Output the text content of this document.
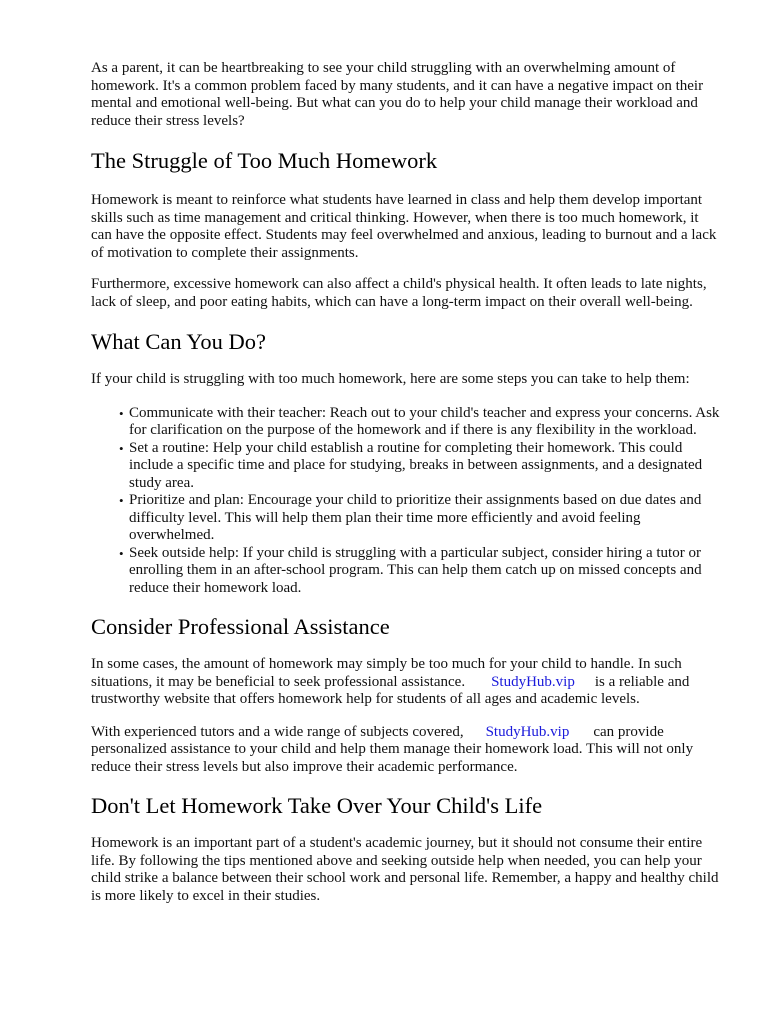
As a parent, it can be heartbreaking to see your child struggling with an overwhelming amount of homework. It's a common problem faced by many students, and it can have a negative impact on their mental and emotional well-being. But what can you do to help your child manage their workload and reduce their stress levels?

The Struggle of Too Much Homework

Homework is meant to reinforce what students have learned in class and help them develop important skills such as time management and critical thinking. However, when there is too much homework, it can have the opposite effect. Students may feel overwhelmed and anxious, leading to burnout and a lack of motivation to complete their assignments.

Furthermore, excessive homework can also affect a child's physical health. It often leads to late nights, lack of sleep, and poor eating habits, which can have a long-term impact on their overall well-being.

What Can You Do?

If your child is struggling with too much homework, here are some steps you can take to help them:

• Communicate with their teacher: Reach out to your child's teacher and express your concerns. Ask for clarification on the purpose of the homework and if there is any flexibility in the workload.
• Set a routine: Help your child establish a routine for completing their homework. This could include a specific time and place for studying, breaks in between assignments, and a designated study area.
• Prioritize and plan: Encourage your child to prioritize their assignments based on due dates and difficulty level. This will help them plan their time more efficiently and avoid feeling overwhelmed.
• Seek outside help: If your child is struggling with a particular subject, consider hiring a tutor or enrolling them in an after-school program. This can help them catch up on missed concepts and reduce their homework load.
Consider Professional Assistance

In some cases, the amount of homework may simply be too much for your child to handle. In such situations, it may be beneficial to seek professional assistance. StudyHub.vip is a reliable and trustworthy website that offers homework help for students of all ages and academic levels.

With experienced tutors and a wide range of subjects covered, StudyHub.vip can provide personalized assistance to your child and help them manage their homework load. This will not only reduce their stress levels but also improve their academic performance.

Don't Let Homework Take Over Your Child's Life

Homework is an important part of a student's academic journey, but it should not consume their entire life. By following the tips mentioned above and seeking outside help when needed, you can help your child strike a balance between their school work and personal life. Remember, a happy and healthy child is more likely to excel in their studies.
